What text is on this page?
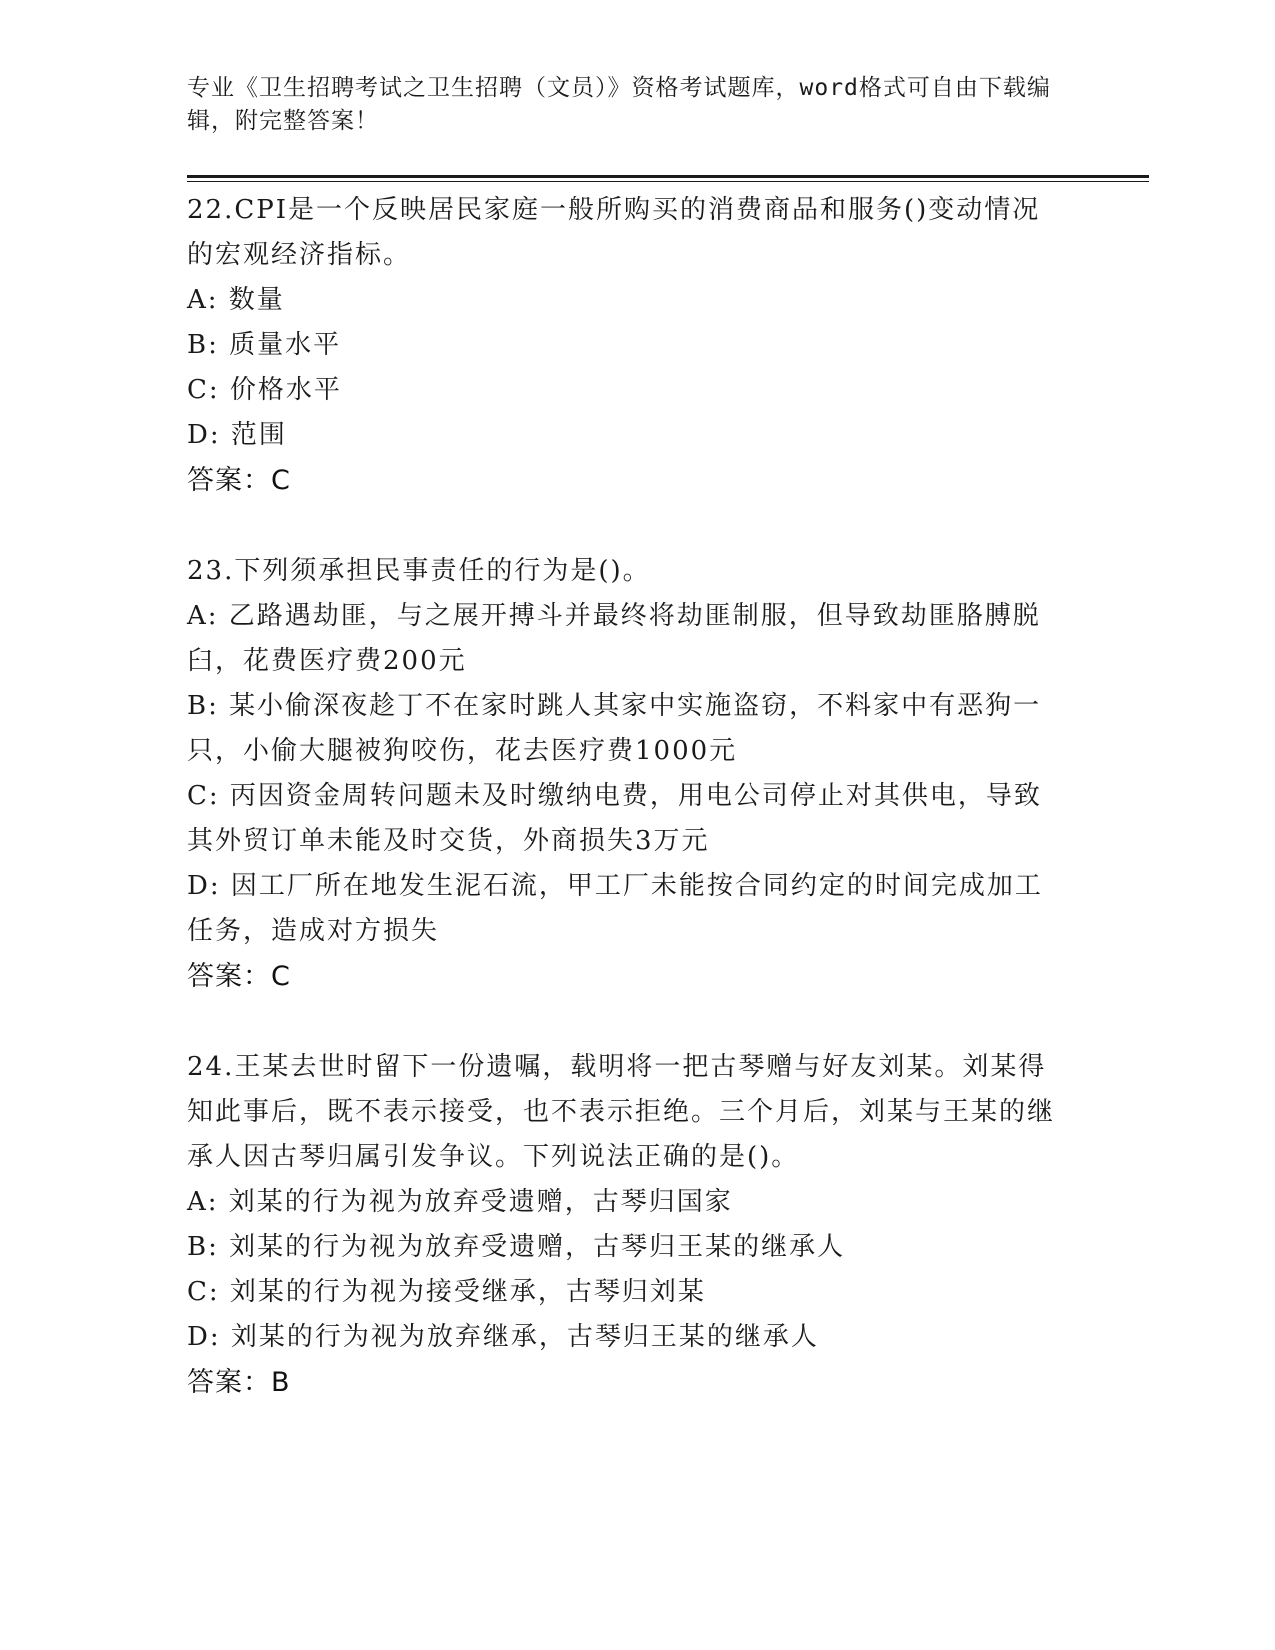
专业《卫生招聘考试之卫生招聘（文员）》资格考试题库，word格式可自由下载编辑，附完整答案！

22.CPI是一个反映居民家庭一般所购买的消费商品和服务()变动情况的宏观经济指标。

A: 数量

B: 质量水平

C: 价格水平

D: 范围

答案：C

23.下列须承担民事责任的行为是()。

A: 乙路遇劫匪，与之展开搏斗并最终将劫匪制服，但导致劫匪胳膊脱臼，花费医疗费200元

B: 某小偷深夜趁丁不在家时跳人其家中实施盗窃，不料家中有恶狗一只，小偷大腿被狗咬伤，花去医疗费1000元

C: 丙因资金周转问题未及时缴纳电费，用电公司停止对其供电，导致其外贸订单未能及时交货，外商损失3万元

D: 因工厂所在地发生泥石流，甲工厂未能按合同约定的时间完成加工任务，造成对方损失

答案：C

24.王某去世时留下一份遗嘱，载明将一把古琴赠与好友刘某。刘某得知此事后，既不表示接受，也不表示拒绝。三个月后，刘某与王某的继承人因古琴归属引发争议。下列说法正确的是()。

A: 刘某的行为视为放弃受遗赠，古琴归国家

B: 刘某的行为视为放弃受遗赠，古琴归王某的继承人

C: 刘某的行为视为接受继承，古琴归刘某

D: 刘某的行为视为放弃继承，古琴归王某的继承人

答案：B
